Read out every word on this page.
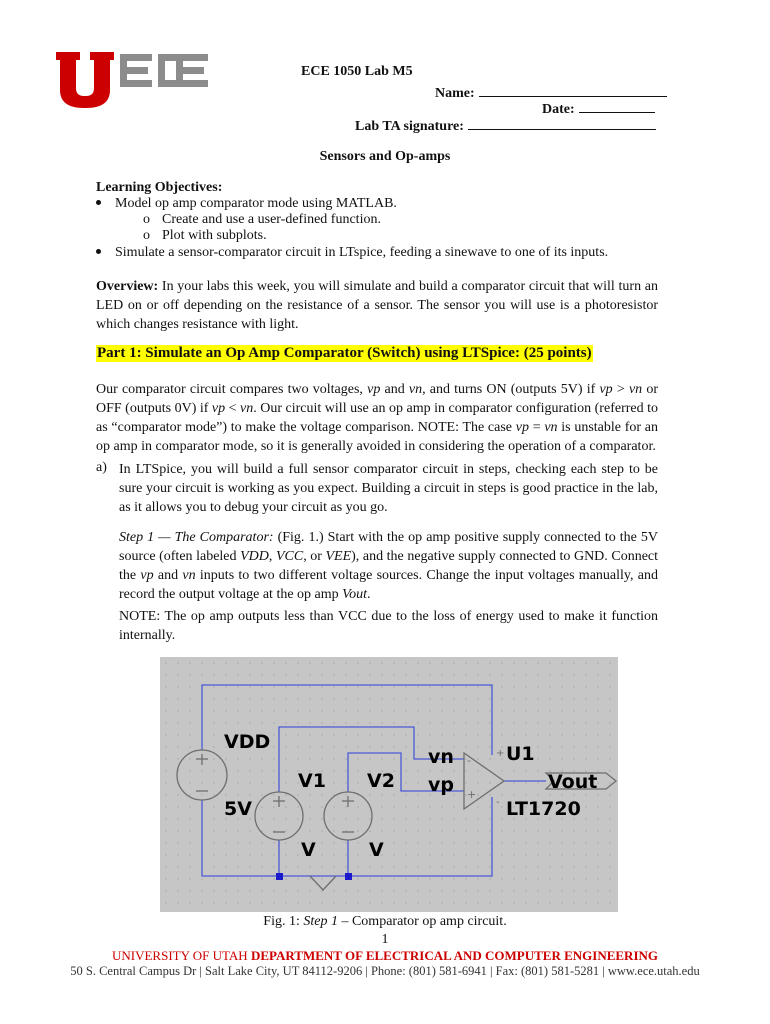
ECE 1050 Lab M5
Name:
Date:
Lab TA signature:
Sensors and Op-amps
Learning Objectives:
Model op amp comparator mode using MATLAB.
o Create and use a user-defined function.
o Plot with subplots.
Simulate a sensor-comparator circuit in LTspice, feeding a sinewave to one of its inputs.
Overview: In your labs this week, you will simulate and build a comparator circuit that will turn an LED on or off depending on the resistance of a sensor. The sensor you will use is a photoresistor which changes resistance with light.
Part 1: Simulate an Op Amp Comparator (Switch) using LTSpice: (25 points)
Our comparator circuit compares two voltages, vp and vn, and turns ON (outputs 5V) if vp > vn or OFF (outputs 0V) if vp < vn. Our circuit will use an op amp in comparator configuration (referred to as “comparator mode”) to make the voltage comparison. NOTE: The case vp = vn is unstable for an op amp in comparator mode, so it is generally avoided in considering the operation of a comparator.
a) In LTSpice, you will build a full sensor comparator circuit in steps, checking each step to be sure your circuit is working as you expect. Building a circuit in steps is good practice in the lab, as it allows you to debug your circuit as you go.
Step 1 — The Comparator: (Fig. 1.) Start with the op amp positive supply connected to the 5V source (often labeled VDD, VCC, or VEE), and the negative supply connected to GND. Connect the vp and vn inputs to two different voltage sources. Change the input voltages manually, and record the output voltage at the op amp Vout.
NOTE: The op amp outputs less than VCC due to the loss of energy used to make it function internally.
-
+
+
-
VDD
5V
V1 V2
V	V
vn
vp
U1
Vout
LT1720
Fig. 1: Step 1 – Comparator op amp circuit.
1
UNIVERSITY OF UTAH DEPARTMENT OF ELECTRICAL AND COMPUTER ENGINEERING
50 S. Central Campus Dr | Salt Lake City, UT 84112-9206 | Phone: (801) 581-6941 | Fax: (801) 581-5281 | www.ece.utah.edu
